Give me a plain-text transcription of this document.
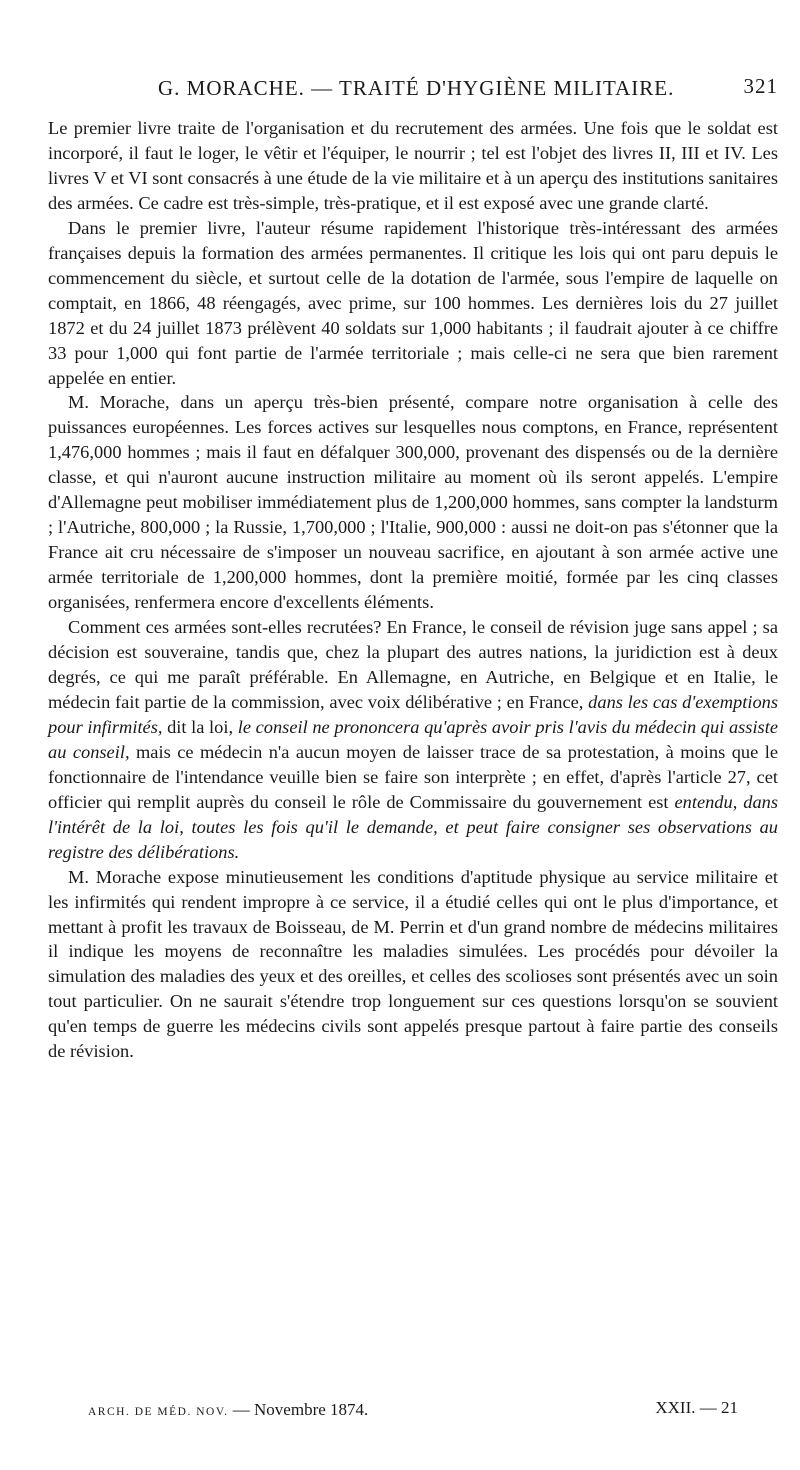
G. MORACHE. — TRAITÉ D'HYGIÈNE MILITAIRE.	321

Le premier livre traite de l'organisation et du recrutement des armées. Une fois que le soldat est incorporé, il faut le loger, le vêtir et l'équiper, le nourrir ; tel est l'objet des livres II, III et IV. Les livres V et VI sont consacrés à une étude de la vie militaire et à un aperçu des institutions sanitaires des armées. Ce cadre est très-simple, très-pratique, et il est exposé avec une grande clarté.

Dans le premier livre, l'auteur résume rapidement l'historique très-intéressant des armées françaises depuis la formation des armées permanentes. Il critique les lois qui ont paru depuis le commencement du siècle, et surtout celle de la dotation de l'armée, sous l'empire de laquelle on comptait, en 1866, 48 réengagés, avec prime, sur 100 hommes. Les dernières lois du 27 juillet 1872 et du 24 juillet 1873 prélèvent 40 soldats sur 1,000 habitants ; il faudrait ajouter à ce chiffre 33 pour 1,000 qui font partie de l'armée territoriale ; mais celle-ci ne sera que bien rarement appelée en entier.

M. Morache, dans un aperçu très-bien présenté, compare notre organisation à celle des puissances européennes. Les forces actives sur lesquelles nous comptons, en France, représentent 1,476,000 hommes ; mais il faut en défalquer 300,000, provenant des dispensés ou de la dernière classe, et qui n'auront aucune instruction militaire au moment où ils seront appelés. L'empire d'Allemagne peut mobiliser immédiatement plus de 1,200,000 hommes, sans compter la landsturm ; l'Autriche, 800,000 ; la Russie, 1,700,000 ; l'Italie, 900,000 : aussi ne doit-on pas s'étonner que la France ait cru nécessaire de s'imposer un nouveau sacrifice, en ajoutant à son armée active une armée territoriale de 1,200,000 hommes, dont la première moitié, formée par les cinq classes organisées, renfermera encore d'excellents éléments.

Comment ces armées sont-elles recrutées? En France, le conseil de révision juge sans appel ; sa décision est souveraine, tandis que, chez la plupart des autres nations, la juridiction est à deux degrés, ce qui me paraît préférable. En Allemagne, en Autriche, en Belgique et en Italie, le médecin fait partie de la commission, avec voix délibérative ; en France, dans les cas d'exemptions pour infirmités, dit la loi, le conseil ne prononcera qu'après avoir pris l'avis du médecin qui assiste au conseil, mais ce médecin n'a aucun moyen de laisser trace de sa protestation, à moins que le fonctionnaire de l'intendance veuille bien se faire son interprète ; en effet, d'après l'article 27, cet officier qui remplit auprès du conseil le rôle de Commissaire du gouvernement est entendu, dans l'intérêt de la loi, toutes les fois qu'il le demande, et peut faire consigner ses observations au registre des délibérations.

M. Morache expose minutieusement les conditions d'aptitude physique au service militaire et les infirmités qui rendent impropre à ce service, il a étudié celles qui ont le plus d'importance, et mettant à profit les travaux de Boisseau, de M. Perrin et d'un grand nombre de médecins militaires il indique les moyens de reconnaître les maladies simulées. Les procédés pour dévoiler la simulation des maladies des yeux et des oreilles, et celles des scolioses sont présentés avec un soin tout particulier. On ne saurait s'étendre trop longuement sur ces questions lorsqu'on se souvient qu'en temps de guerre les médecins civils sont appelés presque partout à faire partie des conseils de révision.

ARCH. DE MÉD. NOV. — Novembre 1874.	XXII. — 21
